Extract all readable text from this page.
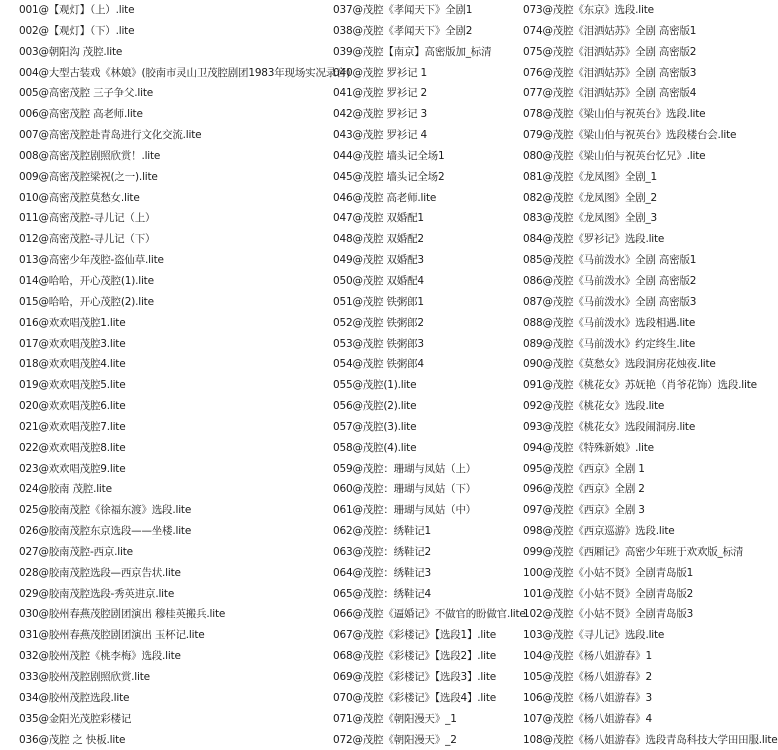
001@【观灯】（上）.lite
002@【观灯】（下）.lite
003@朝阳沟 茂腔.lite
004@大型古装戏《林娘》(胶南市灵山卫茂腔剧团1983年现场实况录音)
005@高密茂腔 三子争父.lite
006@高密茂腔 高老师.lite
007@高密茂腔赴青岛进行文化交流.lite
008@高密茂腔剧照欣赏！.lite
009@高密茂腔梁祝(之一).lite
010@高密茂腔莫愁女.lite
011@高密茂腔-寻儿记（上）
012@高密茂腔-寻儿记（下）
013@高密少年茂腔-盗仙草.lite
014@哈哈，开心茂腔(1).lite
015@哈哈，开心茂腔(2).lite
016@欢欢唱茂腔1.lite
017@欢欢唱茂腔3.lite
018@欢欢唱茂腔4.lite
019@欢欢唱茂腔5.lite
020@欢欢唱茂腔6.lite
021@欢欢唱茂腔7.lite
022@欢欢唱茂腔8.lite
023@欢欢唱茂腔9.lite
024@胶南 茂腔.lite
025@胶南茂腔《徐福东渡》选段.lite
026@胶南茂腔东京选段——坐楼.lite
027@胶南茂腔-西京.lite
028@胶南茂腔选段—西京告状.lite
029@胶南茂腔选段-秀英进京.lite
030@胶州春燕茂腔剧团演出 穆桂英搬兵.lite
031@胶州春燕茂腔剧团演出 玉杯记.lite
032@胶州茂腔《桃李梅》选段.lite
033@胶州茂腔剧照欣赏.lite
034@胶州茂腔选段.lite
035@金阳光茂腔彩楼记
036@茂腔 之 快板.lite
037@茂腔《孝闻天下》全剧1
038@茂腔《孝闻天下》全剧2
039@茂腔【南京】高密版加_标清
040@茂腔 罗衫记 1
041@茂腔 罗衫记 2
042@茂腔 罗衫记 3
043@茂腔 罗衫记 4
044@茂腔 墙头记全场1
045@茂腔 墙头记全场2
046@茂腔 高老师.lite
047@茂腔 双婚配1
048@茂腔 双婚配2
049@茂腔 双婚配3
050@茂腔 双婚配4
051@茂腔 铁粥郎1
052@茂腔 铁粥郎2
053@茂腔 铁粥郎3
054@茂腔 铁粥郎4
055@茂腔(1).lite
056@茂腔(2).lite
057@茂腔(3).lite
058@茂腔(4).lite
059@茂腔：珊瑚与凤姑（上）
060@茂腔：珊瑚与凤姑（下）
061@茂腔：珊瑚与凤姑（中）
062@茂腔：绣鞋记1
063@茂腔：绣鞋记2
064@茂腔：绣鞋记3
065@茂腔：绣鞋记4
066@茂腔《逼婚记》不做官的盼做官.lite
067@茂腔《彩楼记》【选段1】.lite
068@茂腔《彩楼记》【选段2】.lite
069@茂腔《彩楼记》【选段3】.lite
070@茂腔《彩楼记》【选段4】.lite
071@茂腔《朝阳漫天》_1
072@茂腔《朝阳漫天》_2
073@茂腔《东京》选段.lite
074@茂腔《泪洒姑苏》全剧 高密版1
075@茂腔《泪洒姑苏》全剧 高密版2
076@茂腔《泪洒姑苏》全剧 高密版3
077@茂腔《泪洒姑苏》全剧 高密版4
078@茂腔《梁山伯与祝英台》选段.lite
079@茂腔《梁山伯与祝英台》选段楼台会.lite
080@茂腔《梁山伯与祝英台忆兄》.lite
081@茂腔《龙凤图》全剧_1
082@茂腔《龙凤图》全剧_2
083@茂腔《龙凤图》全剧_3
084@茂腔《罗衫记》选段.lite
085@茂腔《马前泼水》全剧 高密版1
086@茂腔《马前泼水》全剧 高密版2
087@茂腔《马前泼水》全剧 高密版3
088@茂腔《马前泼水》选段相遇.lite
089@茂腔《马前泼水》约定终生.lite
090@茂腔《莫愁女》选段洞房花烛夜.lite
091@茂腔《桃花女》苏妩艳（肖爷花饰）选段.lite
092@茂腔《桃花女》选段.lite
093@茂腔《桃花女》选段闹洞房.lite
094@茂腔《特殊新娘》.lite
095@茂腔《西京》全剧 1
096@茂腔《西京》全剧 2
097@茂腔《西京》全剧 3
098@茂腔《西京巡游》选段.lite
099@茂腔《西厢记》高密少年班于欢欢版_标清
100@茂腔《小姑不贤》全剧青岛版1
101@茂腔《小姑不贤》全剧青岛版2
102@茂腔《小姑不贤》全剧青岛版3
103@茂腔《寻儿记》选段.lite
104@茂腔《杨八姐游春》1
105@茂腔《杨八姐游春》2
106@茂腔《杨八姐游春》3
107@茂腔《杨八姐游春》4
108@茂腔《杨八姐游春》选段青岛科技大学田田服.lite
